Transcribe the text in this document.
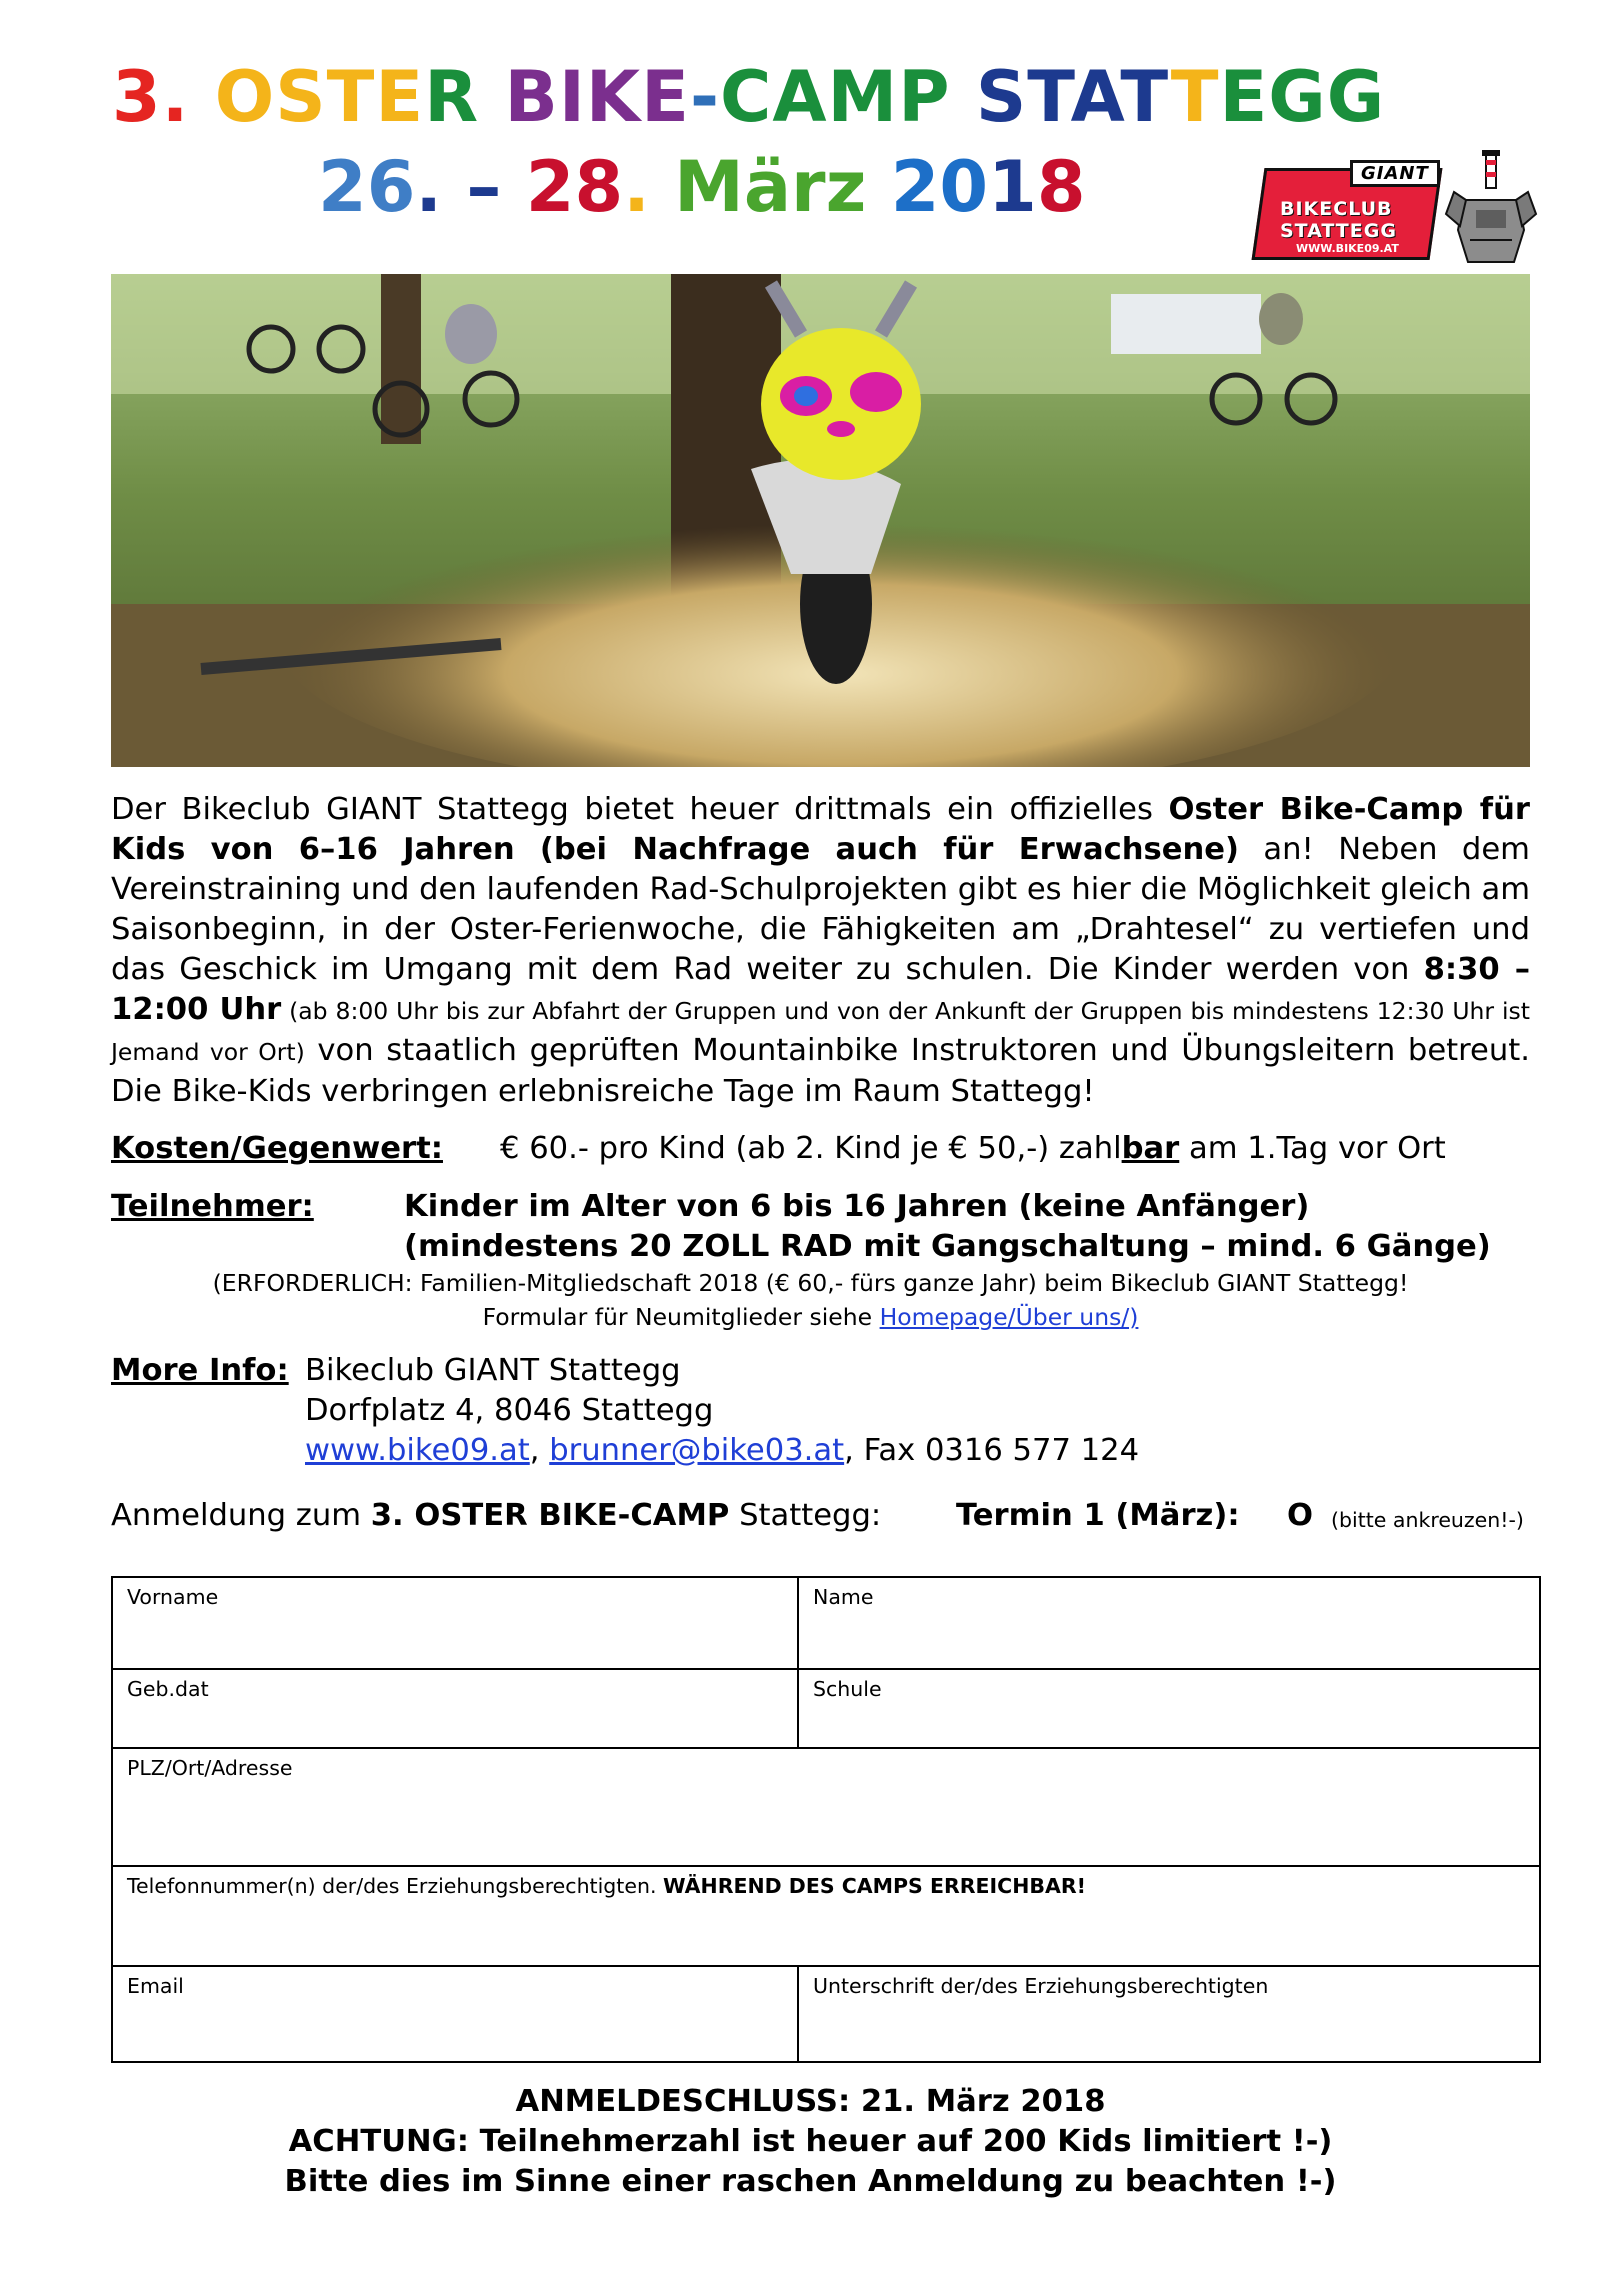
3. OSTER BIKE-CAMP STATTEGG
26. – 28. März 2018	GIANT
BIKECLUB
STATTEGG
WWW.BIKE09.AT
Der Bikeclub GIANT Stattegg bietet heuer drittmals ein offizielles Oster Bike-Camp für Kids von 6–16 Jahren (bei Nachfrage auch für Erwachsene) an! Neben dem Vereinstraining und den laufenden Rad-Schulprojekten gibt es hier die Möglichkeit gleich am Saisonbeginn, in der Oster-Ferienwoche, die Fähigkeiten am „Drahtesel“ zu vertiefen und das Geschick im Umgang mit dem Rad weiter zu schulen. Die Kinder werden von 8:30 – 12:00 Uhr (ab 8:00 Uhr bis zur Abfahrt der Gruppen und von der Ankunft der Gruppen bis mindestens 12:30 Uhr ist Jemand vor Ort) von staatlich geprüften Mountainbike Instruktoren und Übungsleitern betreut. Die Bike-Kids verbringen erlebnisreiche Tage im Raum Stattegg!
Kosten/Gegenwert: € 60.- pro Kind (ab 2. Kind je € 50,-) zahlbar am 1.Tag vor Ort
Teilnehmer:	Kinder im Alter von 6 bis 16 Jahren (keine Anfänger)
(mindestens 20 ZOLL RAD mit Gangschaltung – mind. 6 Gänge)
(ERFORDERLICH: Familien-Mitgliedschaft 2018 (€ 60,- fürs ganze Jahr) beim Bikeclub GIANT Stattegg!
Formular für Neumitglieder siehe Homepage/Über uns/)
More Info: Bikeclub GIANT Stattegg
Dorfplatz 4, 8046 Stattegg
www.bike09.at, brunner@bike03.at, Fax 0316 577 124
Anmeldung zum 3. OSTER BIKE-CAMP Stattegg: Termin 1 (März): O (bitte ankreuzen!-)
Vorname	Name
Geb.dat	Schule
PLZ/Ort/Adresse
Telefonnummer(n) der/des Erziehungsberechtigten. WÄHREND DES CAMPS ERREICHBAR!
Email	Unterschrift der/des Erziehungsberechtigten
ANMELDESCHLUSS: 21. März 2018
ACHTUNG: Teilnehmerzahl ist heuer auf 200 Kids limitiert !-)
Bitte dies im Sinne einer raschen Anmeldung zu beachten !-)
